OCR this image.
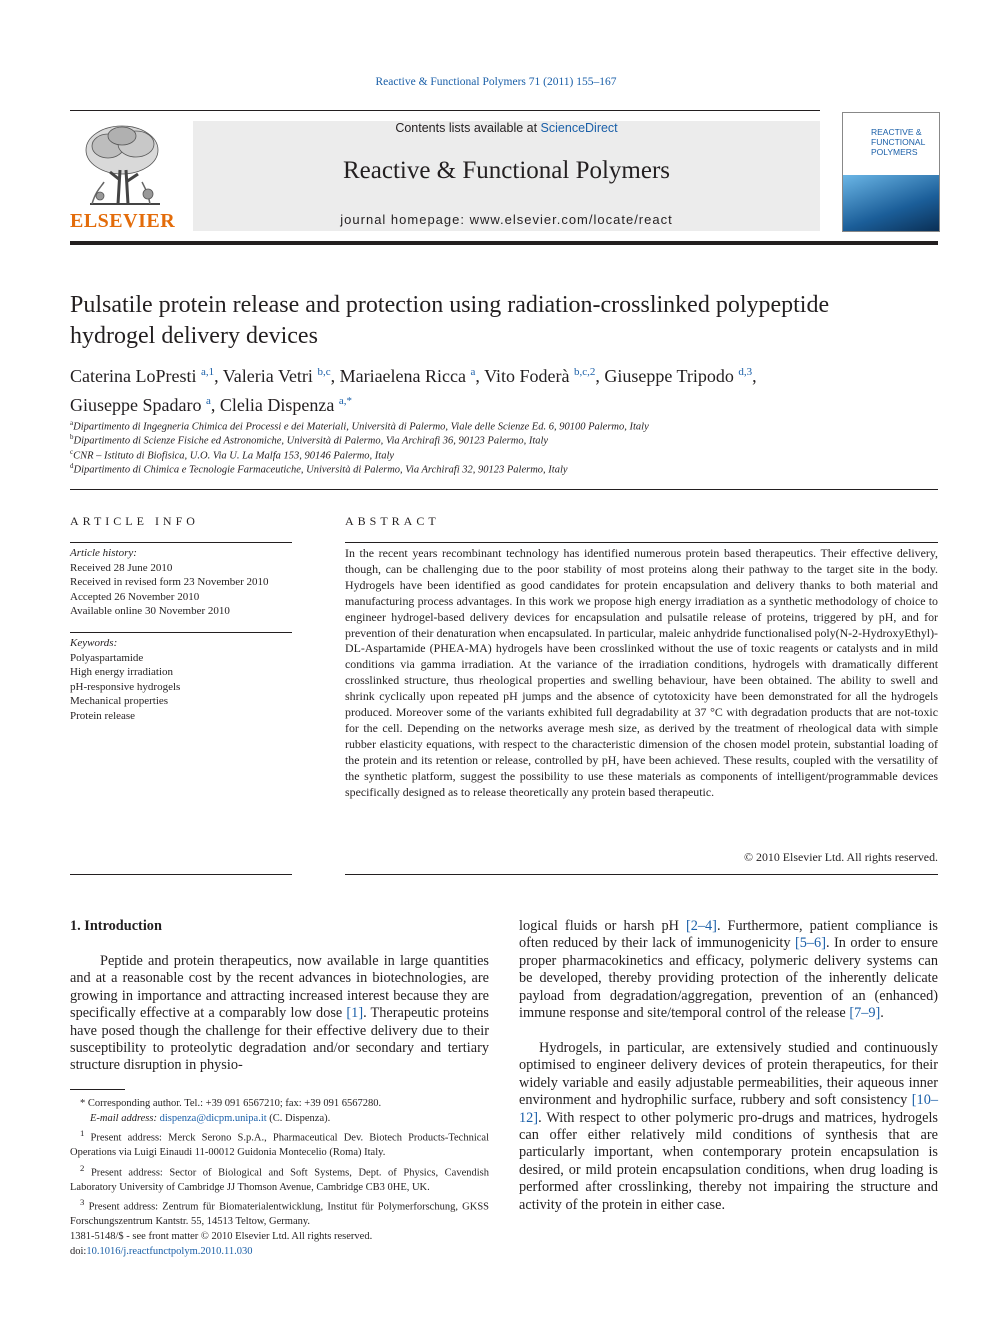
Reactive & Functional Polymers 71 (2011) 155–167
ELSEVIER
Contents lists available at ScienceDirect
Reactive & Functional Polymers
journal homepage: www.elsevier.com/locate/react
REACTIVE &
FUNCTIONAL
POLYMERS
Pulsatile protein release and protection using radiation-crosslinked polypeptide
hydrogel delivery devices
Caterina LoPresti $^{a,1}$, Valeria Vetri $^{b,c}$, Mariaelena Ricca $^a$, Vito Foderà $^{b,c,2}$, Giuseppe Tripodo $^{d,3}$,
Giuseppe Spadaro $^a$, Clelia Dispenza $^{a,*}$
$^a$Dipartimento di Ingegneria Chimica dei Processi e dei Materiali, Università di Palermo, Viale delle Scienze Ed. 6, 90100 Palermo, Italy
$^b$Dipartimento di Scienze Fisiche ed Astronomiche, Università di Palermo, Via Archirafi 36, 90123 Palermo, Italy
$^c$CNR – Istituto di Biofisica, U.O. Via U. La Malfa 153, 90146 Palermo, Italy
$^d$Dipartimento di Chimica e Tecnologie Farmaceutiche, Università di Palermo, Via Archirafi 32, 90123 Palermo, Italy
ARTICLE INFO
Article history:
Received 28 June 2010
Received in revised form 23 November 2010
Accepted 26 November 2010
Available online 30 November 2010
Keywords:
Polyaspartamide
High energy irradiation
pH-responsive hydrogels
Mechanical properties
Protein release
ABSTRACT
In the recent years recombinant technology has identified numerous protein based therapeutics. Their effective delivery, though, can be challenging due to the poor stability of most proteins along their pathway to the target site in the body. Hydrogels have been identified as good candidates for protein encapsulation and delivery thanks to both material and manufacturing process advantages. In this work we propose high energy irradiation as a synthetic methodology of choice to engineer hydrogel-based delivery devices for encapsulation and pulsatile release of proteins, triggered by pH, and for prevention of their denaturation when encapsulated. In particular, maleic anhydride functionalised poly(N-2-HydroxyEthyl)-DL-Aspartamide (PHEA-MA) hydrogels have been crosslinked without the use of toxic reagents or catalysts and in mild conditions via gamma irradiation. At the variance of the irradiation conditions, hydrogels with dramatically different crosslinked structure, thus rheological properties and swelling behaviour, have been obtained. The ability to swell and shrink cyclically upon repeated pH jumps and the absence of cytotoxicity have been demonstrated for all the hydrogels produced. Moreover some of the variants exhibited full degradability at 37 °C with degradation products that are not-toxic for the cell. Depending on the networks average mesh size, as derived by the treatment of rheological data with simple rubber elasticity equations, with respect to the characteristic dimension of the chosen model protein, substantial loading of the protein and its retention or release, controlled by pH, have been achieved. These results, coupled with the versatility of the synthetic platform, suggest the possibility to use these materials as components of intelligent/programmable devices specifically designed as to release theoretically any protein based therapeutic.
© 2010 Elsevier Ltd. All rights reserved.
1. Introduction

Peptide and protein therapeutics, now available in large quantities and at a reasonable cost by the recent advances in biotechnologies, are growing in importance and attracting increased interest because they are specifically effective at a comparably low dose [1]. Therapeutic proteins have posed though the challenge for their effective delivery due to their susceptibility to proteolytic degradation and/or secondary and tertiary structure disruption in physio-

logical fluids or harsh pH [2–4]. Furthermore, patient compliance is often reduced by their lack of immunogenicity [5–6]. In order to ensure proper pharmacokinetics and efficacy, polymeric delivery systems can be developed, thereby providing protection of the inherently delicate payload from degradation/aggregation, prevention of an (enhanced) immune response and site/temporal control of the release [7–9].

Hydrogels, in particular, are extensively studied and continuously optimised to engineer delivery devices of protein therapeutics, for their widely variable and easily adjustable permeabilities, their aqueous inner environment and hydrophilic surface, rubbery and soft consistency [10–12]. With respect to other polymeric pro-drugs and matrices, hydrogels can offer either relatively mild conditions of synthesis that are particularly important, when contemporary protein encapsulation is desired, or mild protein encapsulation conditions, when drug loading is performed after crosslinking, thereby not impairing the structure and activity of the protein in either case.

* Corresponding author. Tel.: +39 091 6567210; fax: +39 091 6567280.

E-mail address: dispenza@dicpm.unipa.it (C. Dispenza).

$^1$ Present address: Merck Serono S.p.A., Pharmaceutical Dev. Biotech Products-Technical Operations via Luigi Einaudi 11-00012 Guidonia Montecelio (Roma) Italy.

$^2$ Present address: Sector of Biological and Soft Systems, Dept. of Physics, Cavendish Laboratory University of Cambridge JJ Thomson Avenue, Cambridge CB3 0HE, UK.

$^3$ Present address: Zentrum für Biomaterialentwicklung, Institut für Polymerforschung, GKSS Forschungszentrum Kantstr. 55, 14513 Teltow, Germany.

1381-5148/$ - see front matter © 2010 Elsevier Ltd. All rights reserved.
doi:10.1016/j.reactfunctpolym.2010.11.030
